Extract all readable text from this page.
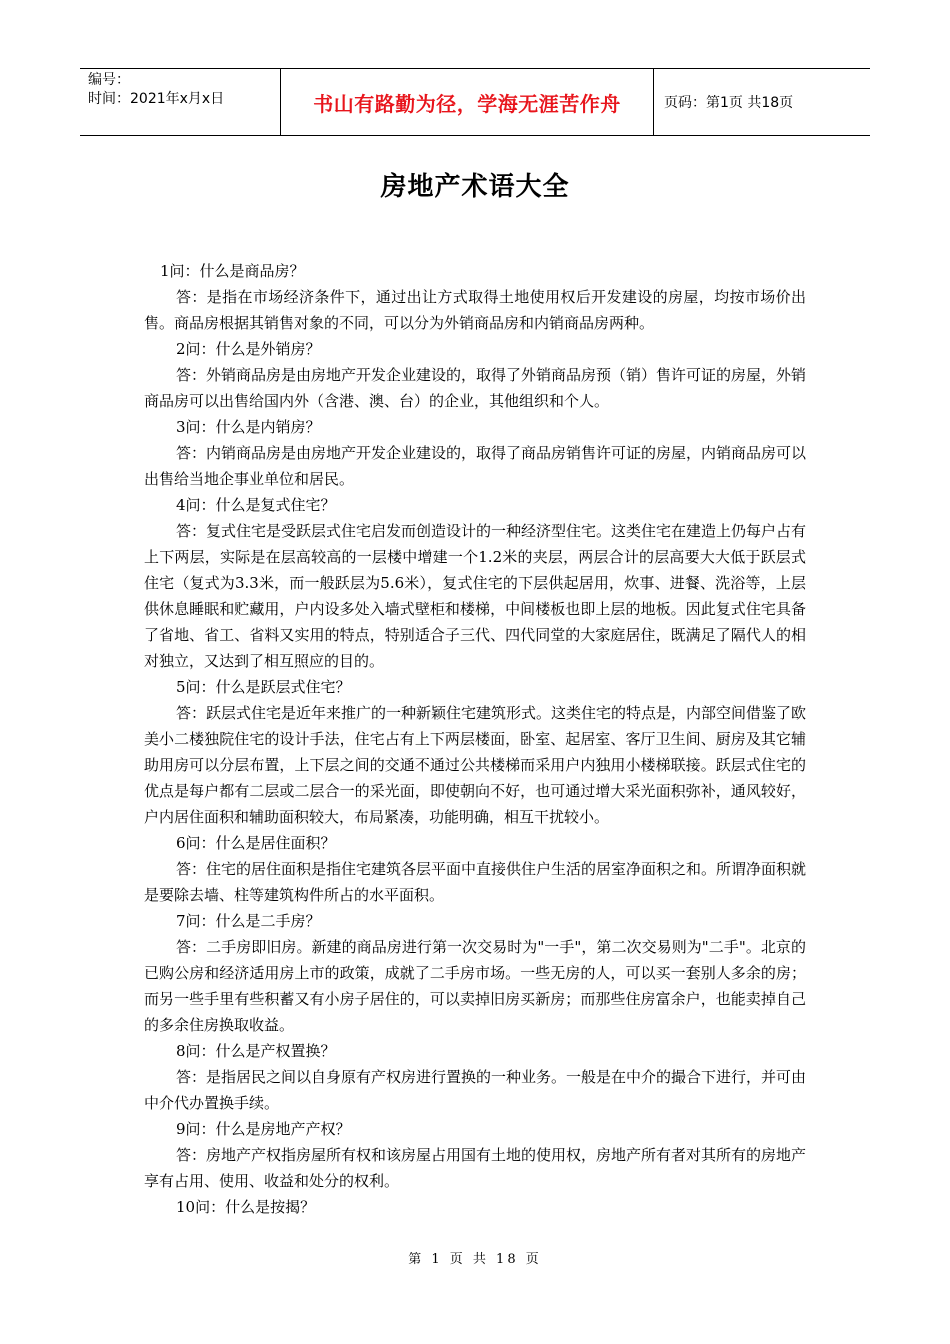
编号：
时间：2021年x月x日	书山有路勤为径，学海无涯苦作舟	页码：第1页 共18页
房地产术语大全

1问：什么是商品房？

答：是指在市场经济条件下，通过出让方式取得土地使用权后开发建设的房屋，均按市场价出售。商品房根据其销售对象的不同，可以分为外销商品房和内销商品房两种。

2问：什么是外销房？

答：外销商品房是由房地产开发企业建设的，取得了外销商品房预（销）售许可证的房屋，外销商品房可以出售给国内外（含港、澳、台）的企业，其他组织和个人。

3问：什么是内销房？

答：内销商品房是由房地产开发企业建设的，取得了商品房销售许可证的房屋，内销商品房可以出售给当地企事业单位和居民。

4问：什么是复式住宅？

答：复式住宅是受跃层式住宅启发而创造设计的一种经济型住宅。这类住宅在建造上仍每户占有上下两层，实际是在层高较高的一层楼中增建一个1.2米的夹层，两层合计的层高要大大低于跃层式住宅（复式为3.3米，而一般跃层为5.6米），复式住宅的下层供起居用，炊事、进餐、洗浴等，上层供休息睡眠和贮藏用，户内设多处入墙式壁柜和楼梯，中间楼板也即上层的地板。因此复式住宅具备了省地、省工、省料又实用的特点，特别适合子三代、四代同堂的大家庭居住，既满足了隔代人的相对独立，又达到了相互照应的目的。

5问：什么是跃层式住宅？

答：跃层式住宅是近年来推广的一种新颖住宅建筑形式。这类住宅的特点是，内部空间借鉴了欧美小二楼独院住宅的设计手法，住宅占有上下两层楼面，卧室、起居室、客厅卫生间、厨房及其它辅助用房可以分层布置，上下层之间的交通不通过公共楼梯而采用户内独用小楼梯联接。跃层式住宅的优点是每户都有二层或二层合一的采光面，即使朝向不好，也可通过增大采光面积弥补，通风较好，户内居住面积和辅助面积较大，布局紧凑，功能明确，相互干扰较小。

6问：什么是居住面积？

答：住宅的居住面积是指住宅建筑各层平面中直接供住户生活的居室净面积之和。所谓净面积就是要除去墙、柱等建筑构件所占的水平面积。

7问：什么是二手房？

答：二手房即旧房。新建的商品房进行第一次交易时为"一手"，第二次交易则为"二手"。北京的已购公房和经济适用房上市的政策，成就了二手房市场。一些无房的人，可以买一套别人多余的房；而另一些手里有些积蓄又有小房子居住的，可以卖掉旧房买新房；而那些住房富余户，也能卖掉自己的多余住房换取收益。

8问：什么是产权置换？

答：是指居民之间以自身原有产权房进行置换的一种业务。一般是在中介的撮合下进行，并可由中介代办置换手续。

9问：什么是房地产产权？

答：房地产产权指房屋所有权和该房屋占用国有土地的使用权，房地产所有者对其所有的房地产享有占用、使用、收益和处分的权利。

10问：什么是按揭？

第 1 页 共 18 页
